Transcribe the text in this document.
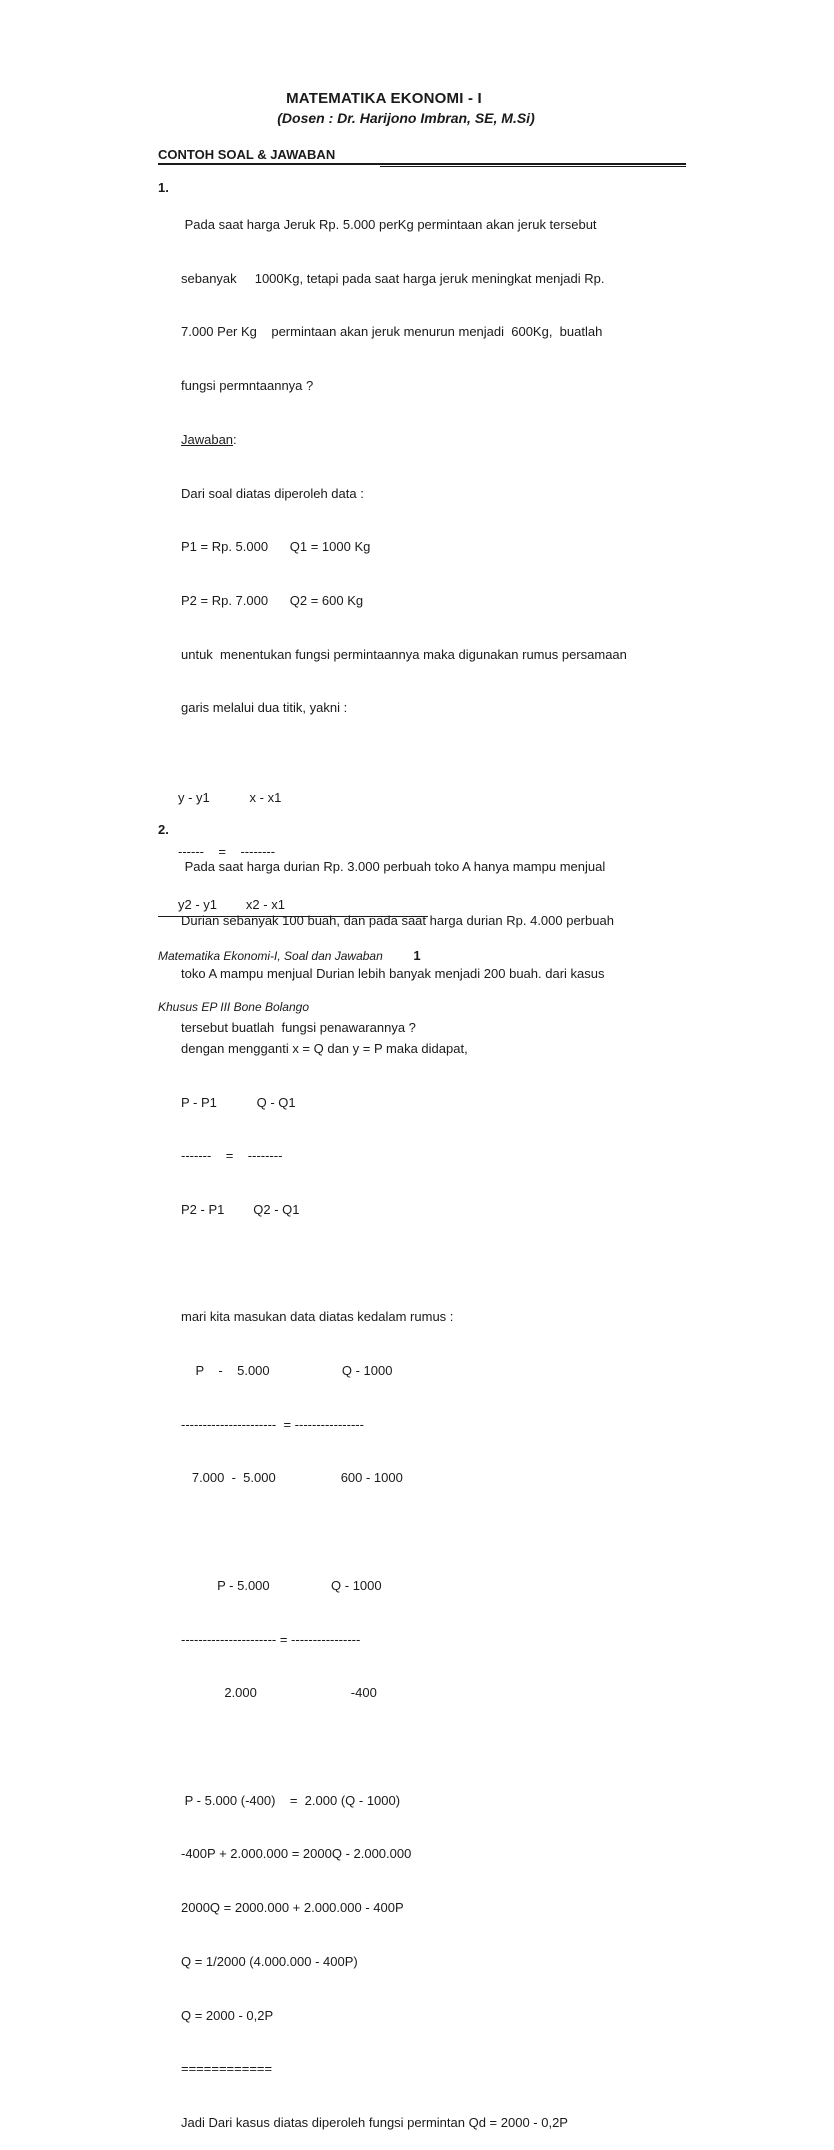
MATEMATIKA EKONOMI - I
(Dosen : Dr. Harijono Imbran, SE, M.Si)
CONTOH SOAL & JAWABAN
1.

Pada saat harga Jeruk Rp. 5.000 perKg permintaan akan jeruk tersebut

sebanyak     1000Kg, tetapi pada saat harga jeruk meningkat menjadi Rp.

7.000 Per Kg    permintaan akan jeruk menurun menjadi  600Kg,  buatlah

fungsi permntaannya ?

Jawaban:

Dari soal diatas diperoleh data :

P1 = Rp. 5.000      Q1 = 1000 Kg

P2 = Rp. 7.000      Q2 = 600 Kg

untuk  menentukan fungsi permintaannya maka digunakan rumus persamaan

garis melalui dua titik, yakni :

y - y1           x - x1

------    =    --------

y2 - y1        x2 - x1

dengan mengganti x = Q dan y = P maka didapat,

P - P1           Q - Q1

-------    =    --------

P2 - P1        Q2 - Q1

mari kita masukan data diatas kedalam rumus :

P    -    5.000                    Q - 1000

----------------------  = ----------------

7.000  -  5.000                  600 - 1000

P - 5.000                 Q - 1000

---------------------- = ----------------

2.000                          -400

P - 5.000 (-400)    =  2.000 (Q - 1000)

-400P + 2.000.000 = 2000Q - 2.000.000

2000Q = 2000.000 + 2.000.000 - 400P

Q = 1/2000 (4.000.000 - 400P)

Q = 2000 - 0,2P

============

Jadi Dari kasus diatas diperoleh fungsi permintan Qd = 2000 - 0,2P

2.

Pada saat harga durian Rp. 3.000 perbuah toko A hanya mampu menjual

Durian sebanyak 100 buah, dan pada saat harga durian Rp. 4.000 perbuah

toko A mampu menjual Durian lebih banyak menjadi 200 buah. dari kasus

tersebut buatlah  fungsi penawarannya ?

Matematika Ekonomi-I, Soal dan Jawaban

Khusus EP III Bone Bolango

1
